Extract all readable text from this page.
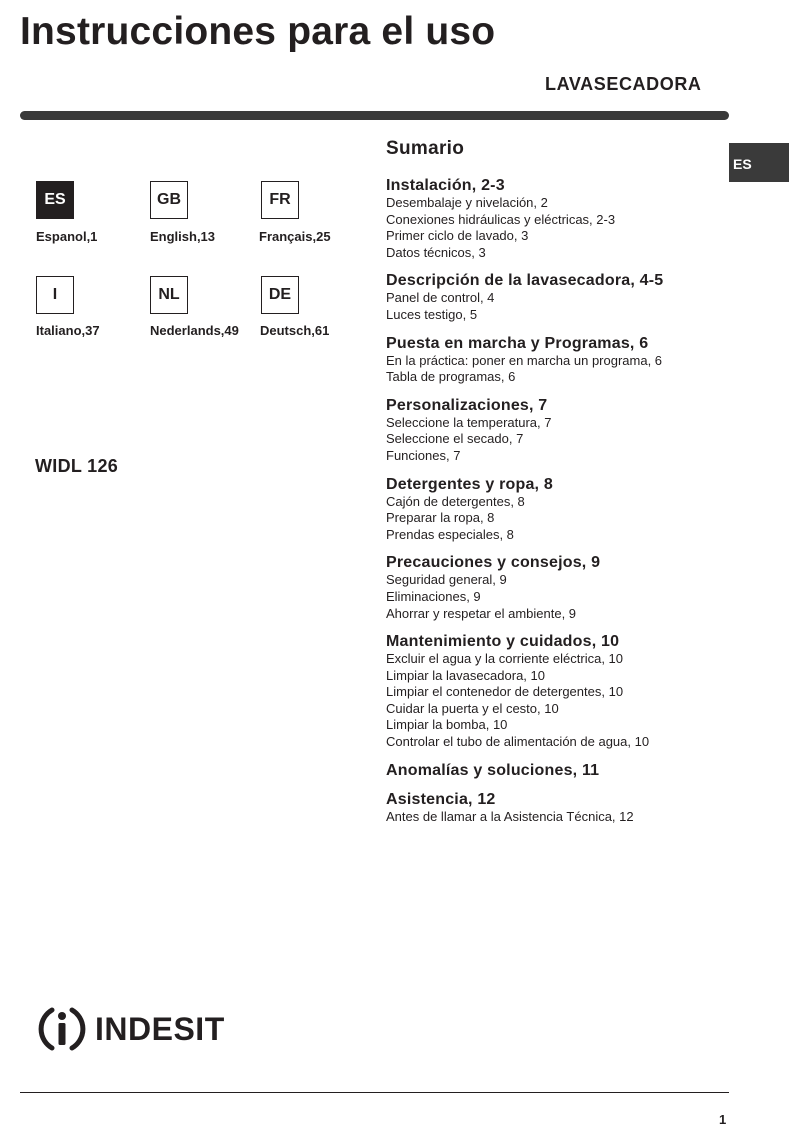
Instrucciones para el uso
LAVASECADORA
ES
ES
Espanol,1
GB
English,13
FR
Français,25
I
Italiano,37
NL
Nederlands,49
DE
Deutsch,61
WIDL 126
Sumario
Instalación, 2-3
Desembalaje y nivelación, 2
Conexiones hidráulicas y eléctricas, 2-3
Primer ciclo de lavado, 3
Datos técnicos, 3
Descripción de la lavasecadora, 4-5
Panel de control, 4
Luces testigo, 5
Puesta en marcha y Programas, 6
En la práctica: poner en marcha un programa, 6
Tabla de programas, 6
Personalizaciones, 7
Seleccione la temperatura, 7
Seleccione el secado, 7
Funciones, 7
Detergentes y ropa, 8
Cajón de detergentes, 8
Preparar la ropa, 8
Prendas especiales, 8
Precauciones y consejos, 9
Seguridad general, 9
Eliminaciones, 9
Ahorrar y respetar el ambiente, 9
Mantenimiento y cuidados, 10
Excluir el agua y la corriente eléctrica, 10
Limpiar la lavasecadora, 10
Limpiar el contenedor de detergentes, 10
Cuidar la puerta y el cesto, 10
Limpiar la bomba, 10
Controlar el tubo de alimentación de agua, 10
Anomalías y soluciones, 11
Asistencia, 12
Antes de llamar a la Asistencia Técnica, 12
INDESIT
1
